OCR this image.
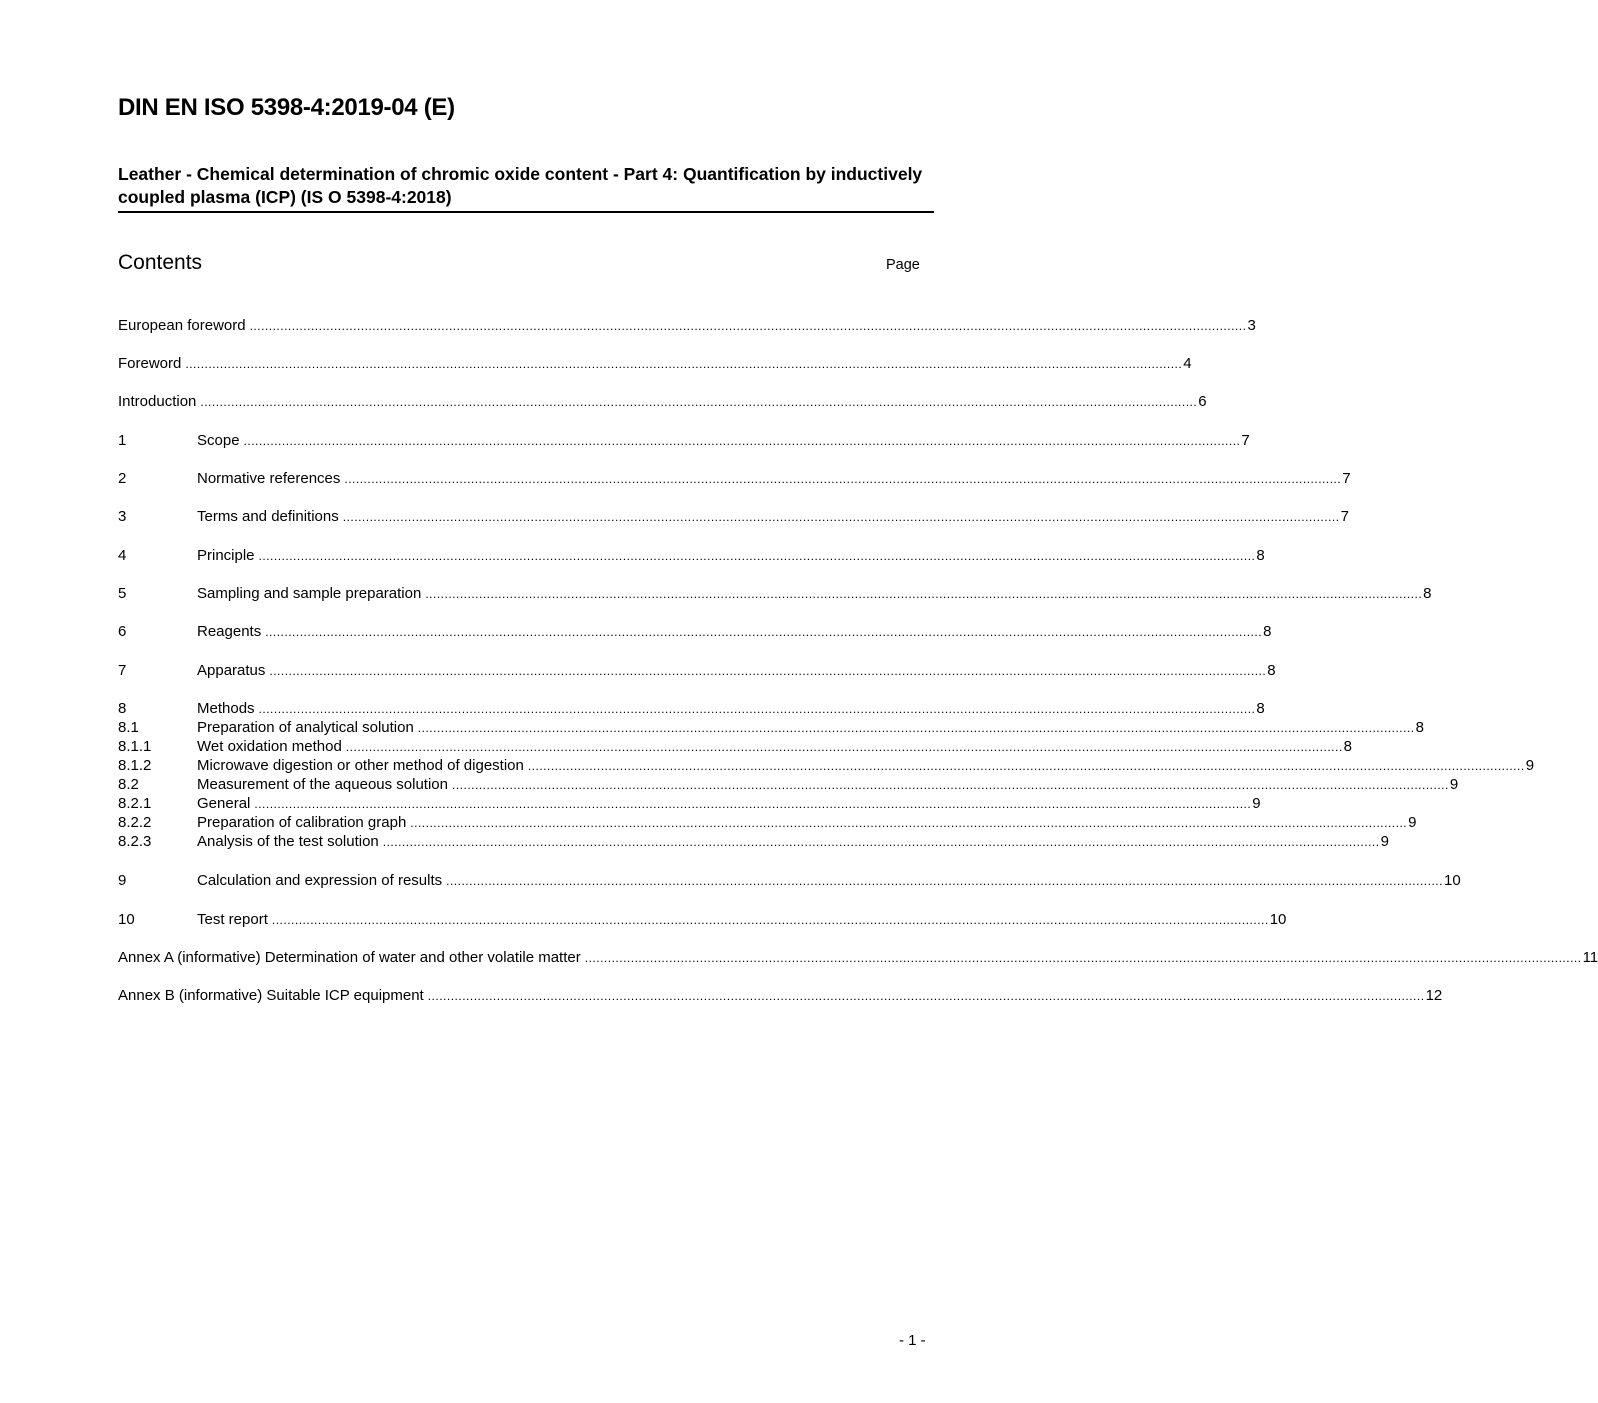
DIN EN ISO 5398-4:2019-04 (E)
Leather - Chemical determination of chromic oxide content - Part 4: Quantification by inductively coupled plasma (ICP) (IS O 5398-4:2018)
Contents	Page
European foreword .................................................................................................................................................................................................................................................................... 3
Foreword .................................................................................................................................................................................................................................................................... 4
Introduction .................................................................................................................................................................................................................................................................... 6
1	Scope .................................................................................................................................................................................................................................................................... 7
2	Normative references .................................................................................................................................................................................................................................................................... 7
3	Terms and definitions .................................................................................................................................................................................................................................................................... 7
4	Principle .................................................................................................................................................................................................................................................................... 8
5	Sampling and sample preparation .................................................................................................................................................................................................................................................................... 8
6	Reagents .................................................................................................................................................................................................................................................................... 8
7	Apparatus .................................................................................................................................................................................................................................................................... 8
8	Methods .................................................................................................................................................................................................................................................................... 8
8.1	Preparation of analytical solution .................................................................................................................................................................................................................................................................... 8
8.1.1	Wet oxidation method .................................................................................................................................................................................................................................................................... 8
8.1.2	Microwave digestion or other method of digestion .................................................................................................................................................................................................................................................................... 9
8.2	Measurement of the aqueous solution .................................................................................................................................................................................................................................................................... 9
8.2.1	General .................................................................................................................................................................................................................................................................... 9
8.2.2	Preparation of calibration graph .................................................................................................................................................................................................................................................................... 9
8.2.3	Analysis of the test solution .................................................................................................................................................................................................................................................................... 9
9	Calculation and expression of results .................................................................................................................................................................................................................................................................... 10
10	Test report .................................................................................................................................................................................................................................................................... 10
Annex A (informative) Determination of water and other volatile matter .................................................................................................................................................................................................................................................................... 11
Annex B (informative) Suitable ICP equipment .................................................................................................................................................................................................................................................................... 12
- 1 -
